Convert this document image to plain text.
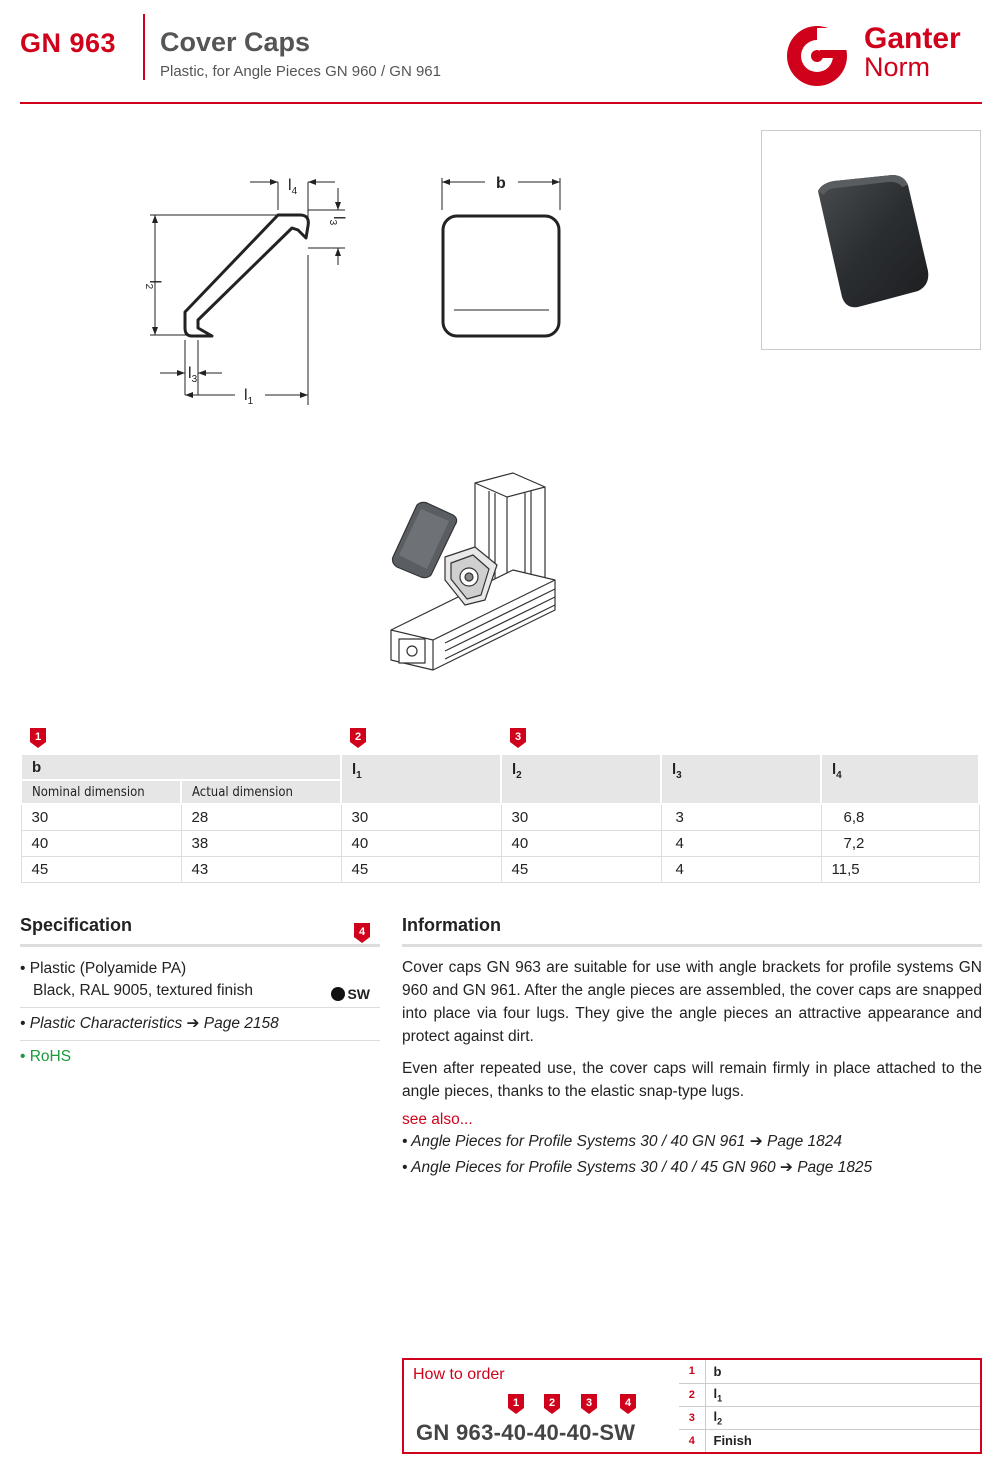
GN 963 Cover Caps
Plastic, for Angle Pieces GN 960 / GN 961
Ganter
Norm
$l_4$
$l_2$
$l_3$
$l_3$
$l_1$
b
1	2	3
b		$l_1$	$l_2$	$l_3$	$l_4$
Nominal dimension	Actual dimension				
30	28	30	30	3	6,8
40	38	40	40	4	7,2
45	43	45	45	4	11,5
Specification	4
• Plastic (Polyamide PA)
Black, RAL 9005, textured finish	SW
• Plastic Characteristics ➔ Page 2158
• RoHS
Information

Cover caps GN 963 are suitable for use with angle brackets for profile systems GN 960 and GN 961. After the angle pieces are assembled, the cover caps are snapped into place via four lugs. They give the angle pieces an attractive appearance and protect against dirt.

Even after repeated use, the cover caps will remain firmly in place attached to the angle pieces, thanks to the elastic snap-type lugs.

see also...
• Angle Pieces for Profile Systems 30 / 40 GN 961 ➔ Page 1824
• Angle Pieces for Profile Systems 30 / 40 / 45 GN 960 ➔ Page 1825
How to order
1	2	3	4
GN 963-40-40-40-SW
1	b
2	$l_1$
3	$l_2$
4	Finish
